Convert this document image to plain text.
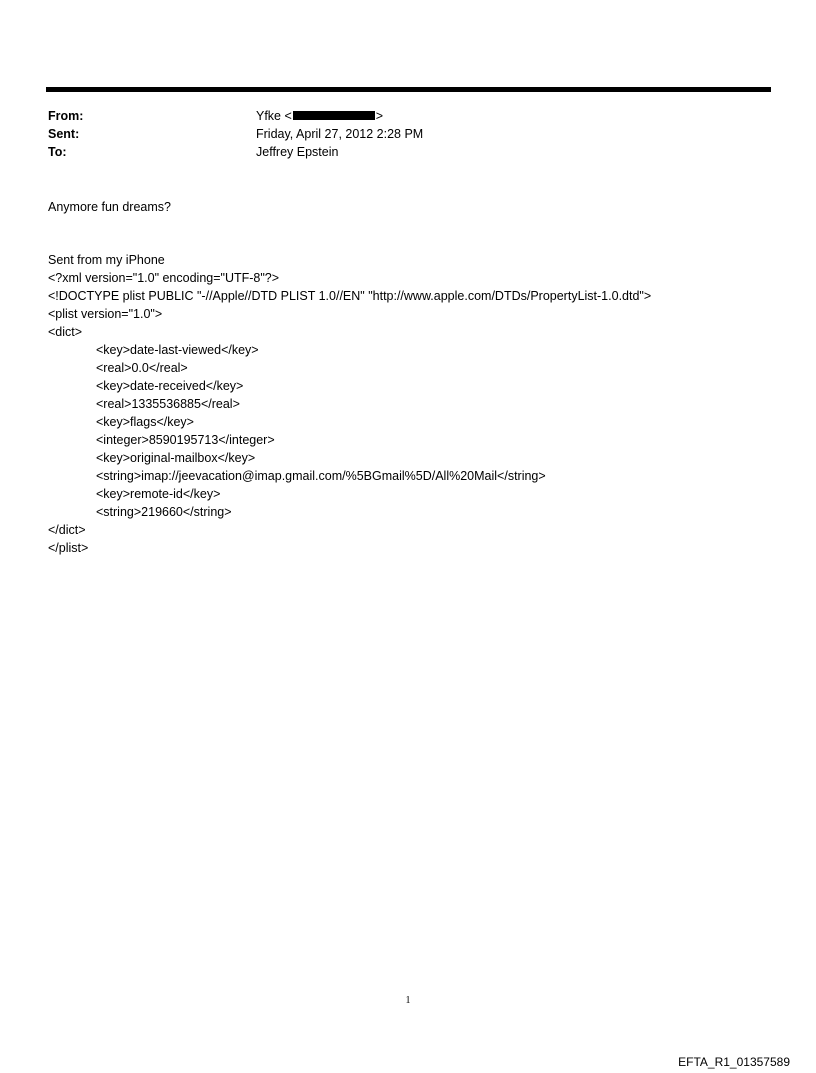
From:	Yfke <	>
Sent:	Friday, April 27, 2012 2:28 PM
To:	Jeffrey Epstein
Anymore fun dreams?
Sent from my iPhone
<?xml version="1.0" encoding="UTF-8"?>
<!DOCTYPE plist PUBLIC "-//Apple//DTD PLIST 1.0//EN" "http://www.apple.com/DTDs/PropertyList-1.0.dtd">
<plist version="1.0">
<dict>
<key>date-last-viewed</key>
<real>0.0</real>
<key>date-received</key>
<real>1335536885</real>
<key>flags</key>
<integer>8590195713</integer>
<key>original-mailbox</key>
<string>imap://jeevacation@imap.gmail.com/%5BGmail%5D/All%20Mail</string>
<key>remote-id</key>
<string>219660</string>
</dict>
</plist>
1
EFTA_R1_01357589
